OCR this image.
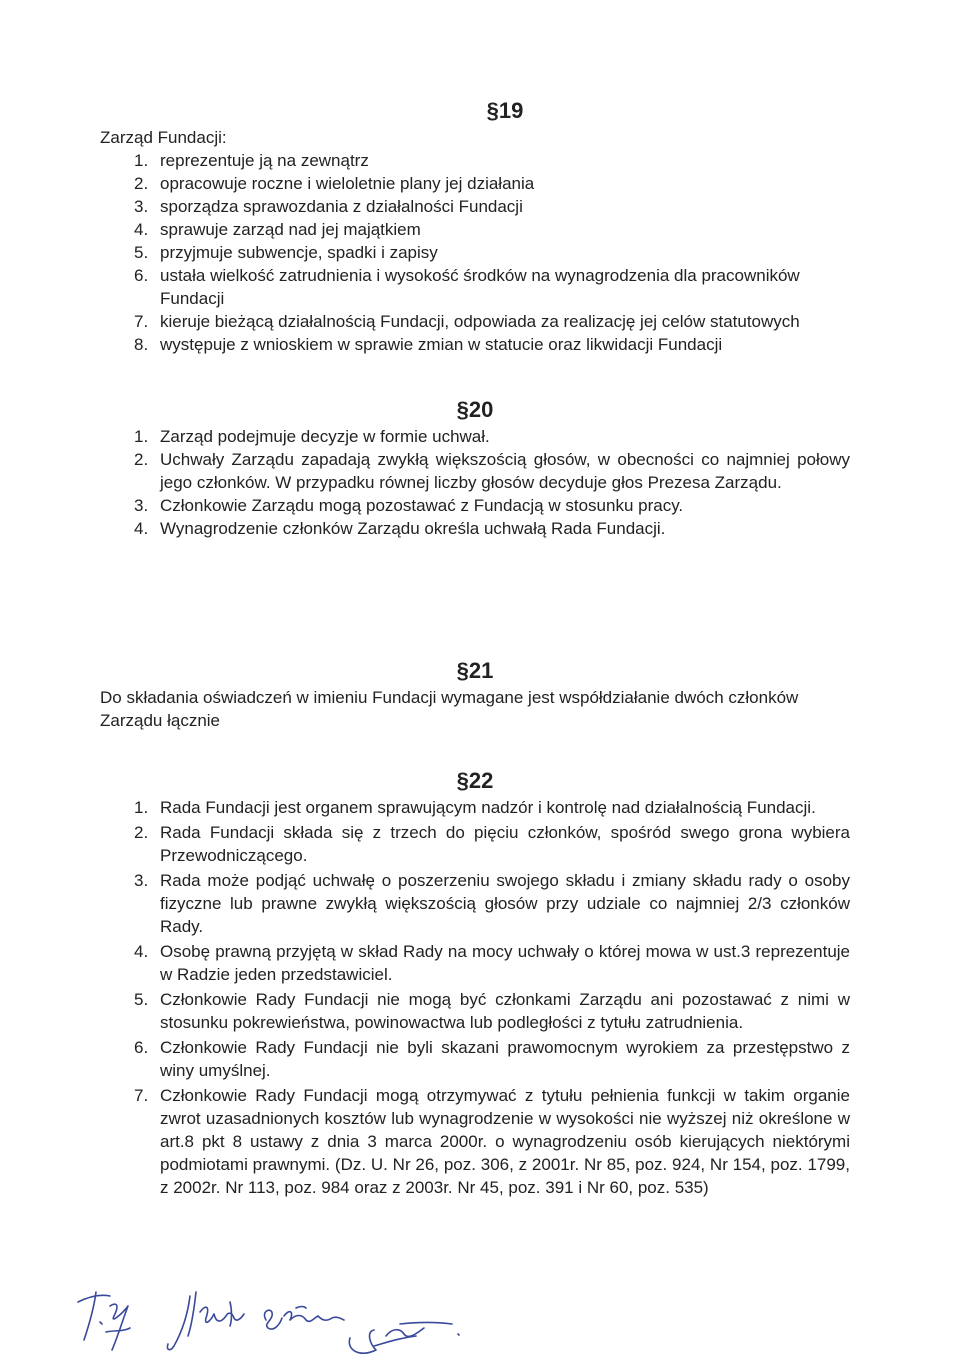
§19

Zarząd Fundacji:

1. reprezentuje ją na zewnątrz
2. opracowuje roczne i wieloletnie plany jej działania
3. sporządza sprawozdania z działalności Fundacji
4. sprawuje zarząd nad jej majątkiem
5. przyjmuje subwencje, spadki i zapisy
6. ustała wielkość zatrudnienia i wysokość środków na wynagrodzenia dla pracowników Fundacji
7. kieruje bieżącą działalnością Fundacji, odpowiada za realizację jej celów statutowych
8. występuje z wnioskiem w sprawie zmian w statucie oraz likwidacji Fundacji
§20
1. Zarząd podejmuje decyzje w formie uchwał.
2. Uchwały Zarządu zapadają zwykłą większością głosów, w obecności co najmniej połowy jego członków. W przypadku równej liczby głosów decyduje głos Prezesa Zarządu.
3. Członkowie Zarządu mogą pozostawać z Fundacją w stosunku pracy.
4. Wynagrodzenie członków Zarządu określa uchwałą Rada Fundacji.
§21

Do składania oświadczeń w imieniu Fundacji wymagane jest współdziałanie dwóch członków Zarządu łącznie

§22
1. Rada Fundacji jest organem sprawującym nadzór i kontrolę nad działalnością Fundacji.
2. Rada Fundacji składa się z trzech do pięciu członków, spośród swego grona wybiera Przewodniczącego.
3. Rada może podjąć uchwałę o poszerzeniu swojego składu i zmiany składu rady o osoby fizyczne lub prawne zwykłą większością głosów przy udziale co najmniej 2/3 członków Rady.
4. Osobę prawną przyjętą w skład Rady na mocy uchwały o której mowa w ust.3 reprezentuje w Radzie jeden przedstawiciel.
5. Członkowie Rady Fundacji nie mogą być członkami Zarządu ani pozostawać z nimi w stosunku pokrewieństwa, powinowactwa lub podległości z tytułu zatrudnienia.
6. Członkowie Rady Fundacji nie byli skazani prawomocnym wyrokiem za przestępstwo z winy umyślnej.
7. Członkowie Rady Fundacji mogą otrzymywać z tytułu pełnienia funkcji w takim organie zwrot uzasadnionych kosztów lub wynagrodzenie w wysokości nie wyższej niż określone w art.8 pkt 8 ustawy z dnia 3 marca 2000r. o wynagrodzeniu osób kierujących niektórymi podmiotami prawnymi. (Dz. U. Nr 26, poz. 306, z 2001r. Nr 85, poz. 924, Nr 154, poz. 1799, z 2002r. Nr 113, poz. 984 oraz z 2003r. Nr 45, poz. 391 i Nr 60, poz. 535)
